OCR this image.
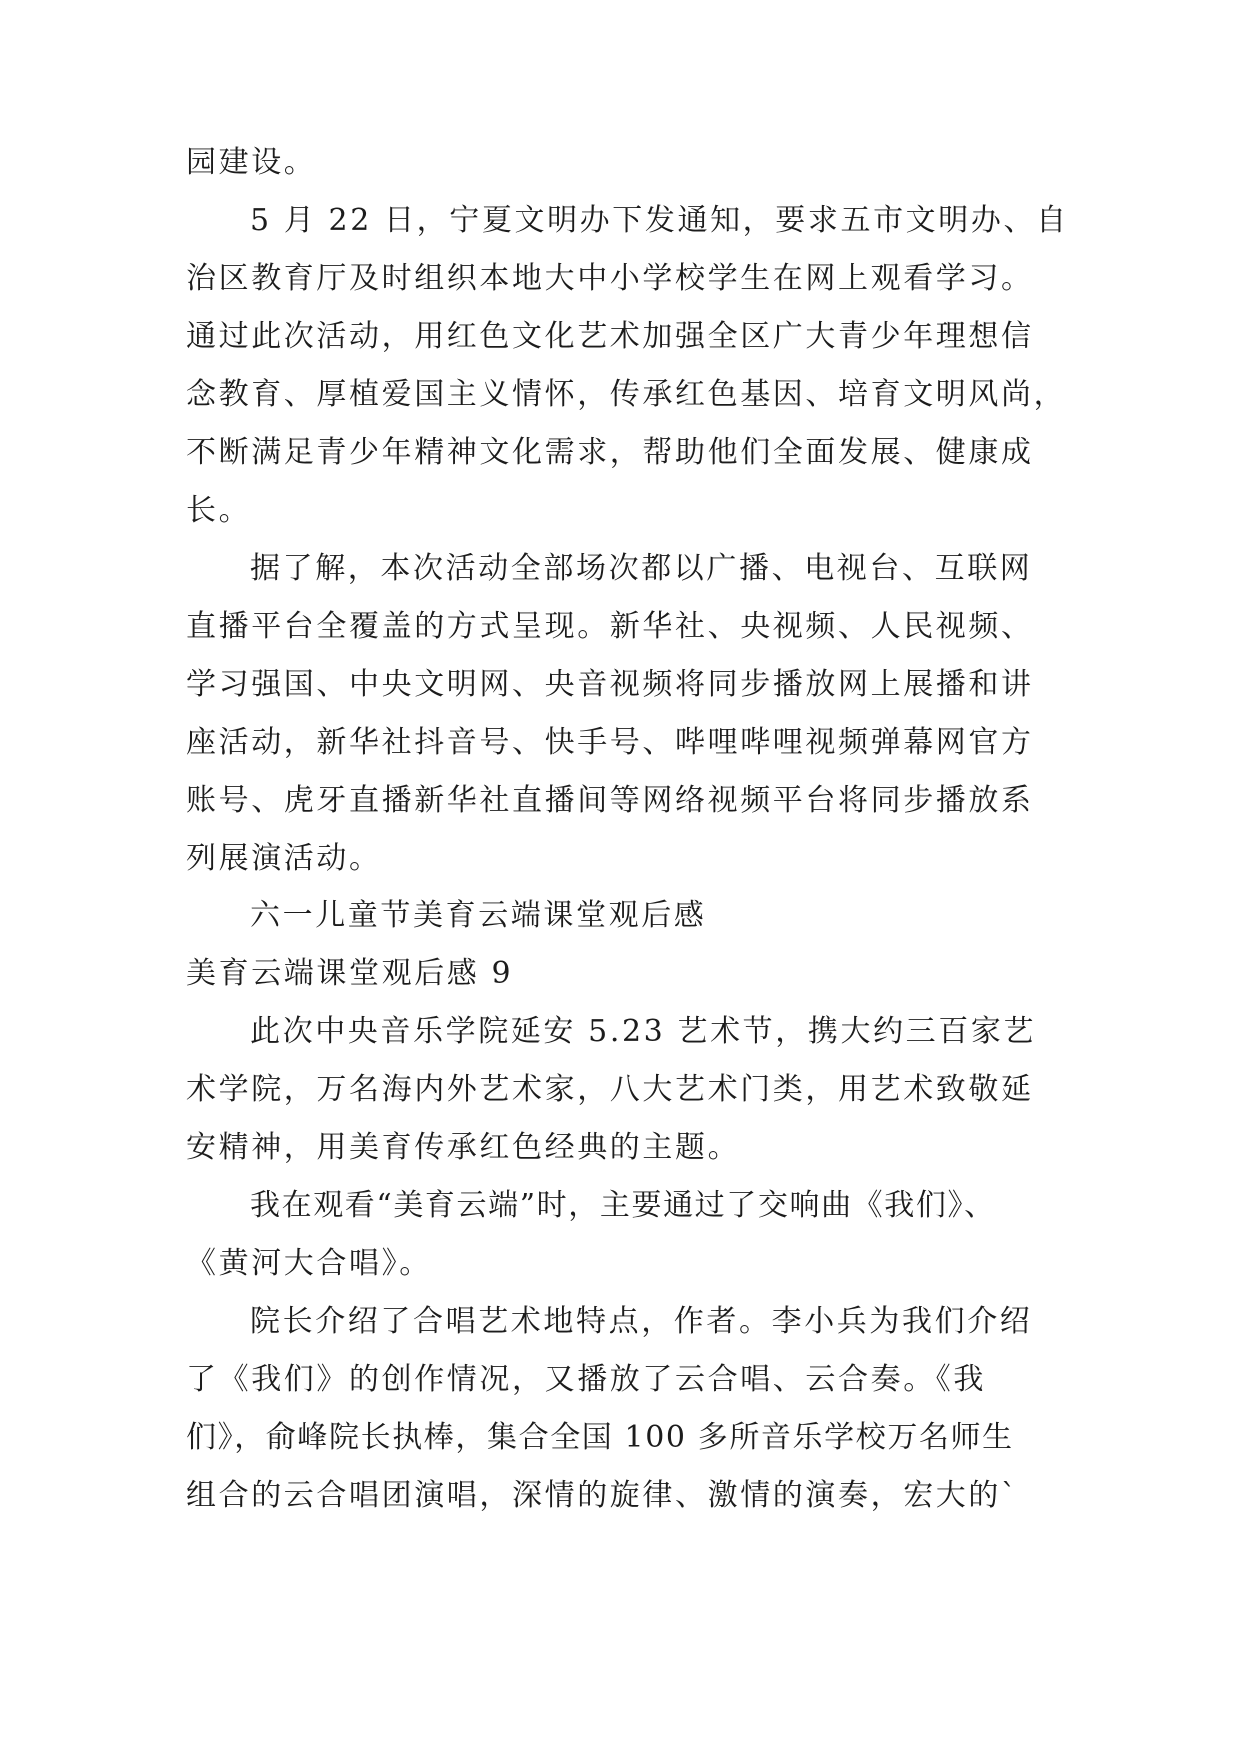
园建设。

5 月 22 日，宁夏文明办下发通知，要求五市文明办、自

治区教育厅及时组织本地大中小学校学生在网上观看学习。

通过此次活动，用红色文化艺术加强全区广大青少年理想信

念教育、厚植爱国主义情怀，传承红色基因、培育文明风尚，

不断满足青少年精神文化需求，帮助他们全面发展、健康成

长。

据了解，本次活动全部场次都以广播、电视台、互联网

直播平台全覆盖的方式呈现。新华社、央视频、人民视频、

学习强国、中央文明网、央音视频将同步播放网上展播和讲

座活动，新华社抖音号、快手号、哔哩哔哩视频弹幕网官方

账号、虎牙直播新华社直播间等网络视频平台将同步播放系

列展演活动。

六一儿童节美育云端课堂观后感

美育云端课堂观后感 9

此次中央音乐学院延安 5.23 艺术节，携大约三百家艺

术学院，万名海内外艺术家，八大艺术门类，用艺术致敬延

安精神，用美育传承红色经典的主题。

我在观看“美育云端”时，主要通过了交响曲《我们》、

《黄河大合唱》。

院长介绍了合唱艺术地特点，作者。李小兵为我们介绍

了《我们》的创作情况，又播放了云合唱、云合奏。《我

们》，俞峰院长执棒，集合全国 100 多所音乐学校万名师生

组合的云合唱团演唱，深情的旋律、激情的演奏，宏大的`
